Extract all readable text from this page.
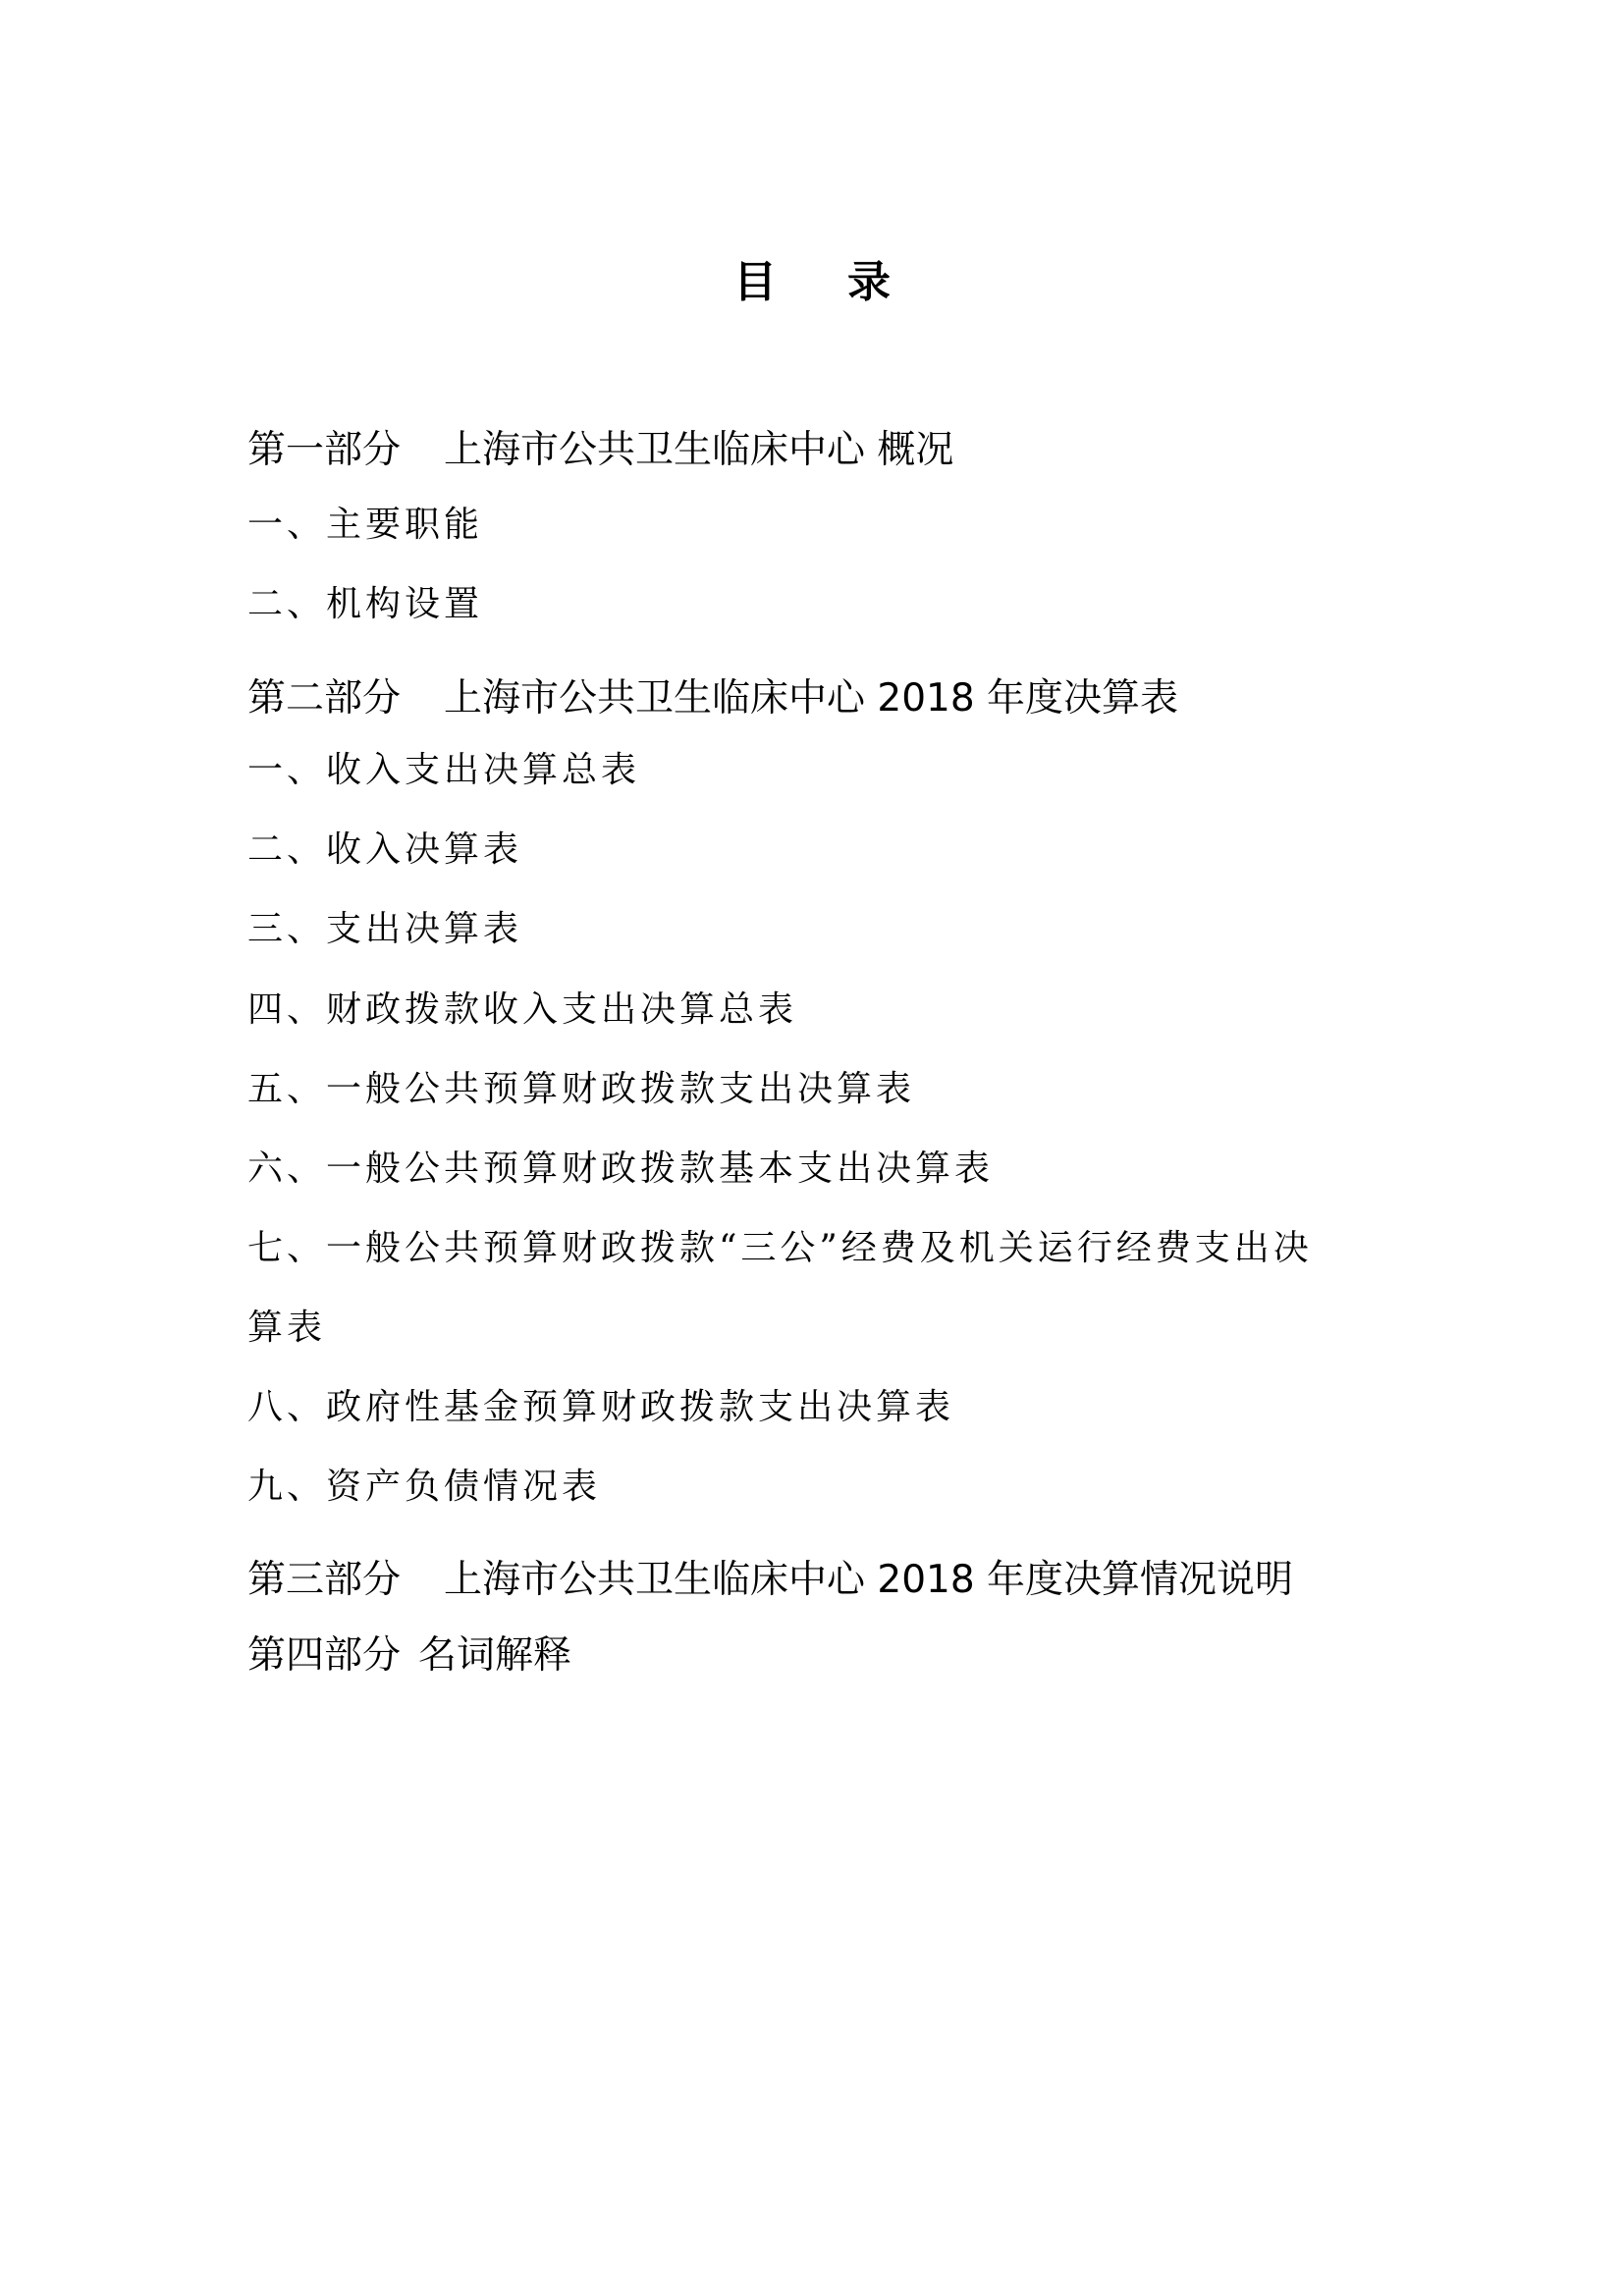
目录
第一部分 上海市公共卫生临床中心 概况
一、主要职能
二、机构设置
第二部分 上海市公共卫生临床中心 2018 年度决算表
一、收入支出决算总表
二、收入决算表
三、支出决算表
四、财政拨款收入支出决算总表
五、一般公共预算财政拨款支出决算表
六、一般公共预算财政拨款基本支出决算表
七、一般公共预算财政拨款“三公”经费及机关运行经费支出决
算表
八、政府性基金预算财政拨款支出决算表
九、资产负债情况表
第三部分 上海市公共卫生临床中心 2018 年度决算情况说明
第四部分 名词解释
